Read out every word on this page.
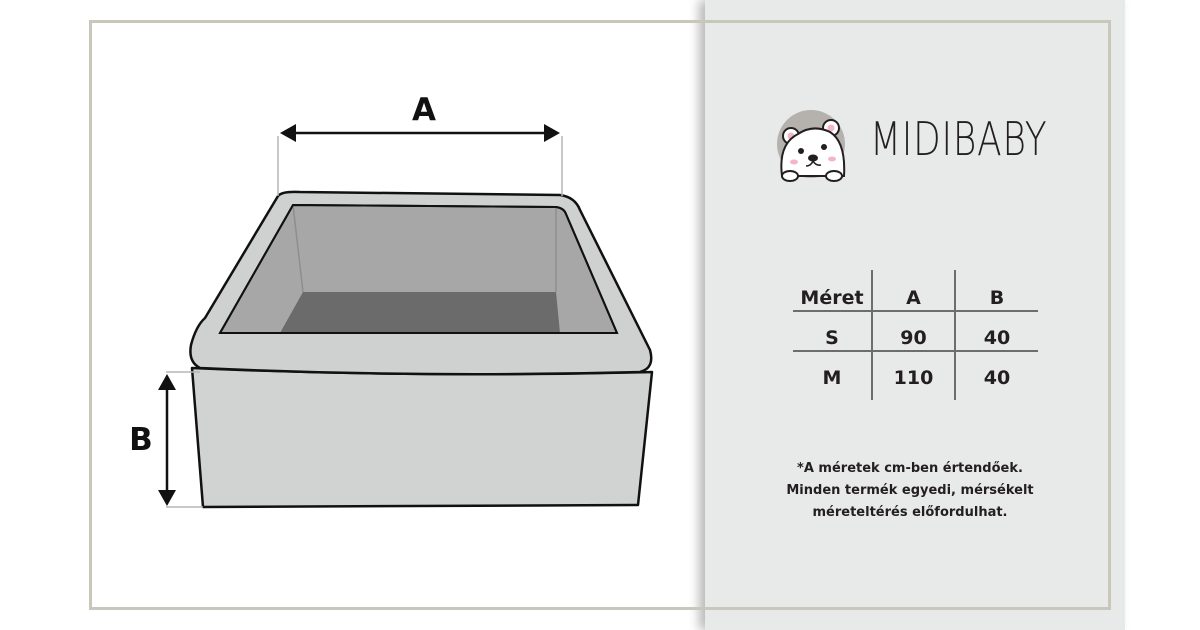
A
B
MIDIBABY
Méret	A	B
S	90	40
M	110	40
*A méretek cm-ben értendőek.
Minden termék egyedi, mérsékelt
méreteltérés előfordulhat.
